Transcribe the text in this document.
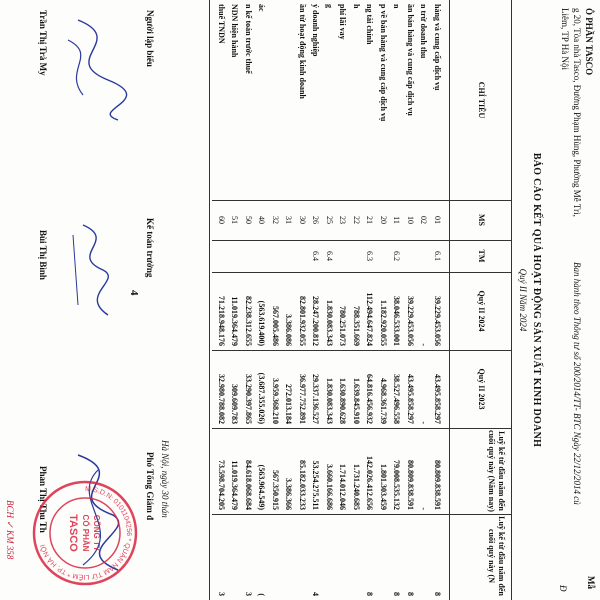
Ô PHẦN TASCO
g 20, Tòa nhà Tasco, Đường Phạm Hùng, Phường Mễ Trì,
Liêm, TP Hà Nội
Ban hành theo Thông tư số 200/2014/TT- BTC Ngày 22/12/2014 củ
Mẫ
Đ
BÁO CÁO KẾT QUẢ HOẠT ĐỘNG SẢN XUẤT KINH DOANH
Quý II Năm 2024
CHỈ TIÊU
MS
TM
Quý II 2024
Quý II 2023
Luỹ kế từ đầu năm đến cuối quý này (Năm nay)
Luỹ kế từ đầu năm đến cuối quý này (N
hàng và cung cấp dịch vụ
01
6.1
39.229.453.056
43.495.858.297
80.809.838.591
8
n trừ doanh thu
02
-
-
-
ần bán hàng và cung cấp dịch vụ
10
39.229.453.056
43.495.858.297
80.809.838.591
8
n
11
6.2
38.046.533.001
38.527.496.558
79.008.535.132
8
p về bán hàng và cung cấp dịch vụ
20
1.182.920.055
4.968.361.739
1.801.303.459
ng tài chính
21
6.3
112.494.647.824
64.816.456.932
142.026.412.656
8
h
22
788.351.669
1.639.845.910
1.731.240.685
phí lãi vay
23
780.251.073
1.630.890.628
1.714.012.046
g
25
6.4
1.830.083.343
1.830.083.343
3.660.166.686
ý doanh nghiệp
26
6.4
28.247.200.812
29.337.136.527
53.254.275.511
4
ần từ hoạt động kinh doanh
30
82.801.932.055
36.977.752.891
85.182.033.233
31
3.386.086
272.013.184
3.386.366
32
567.005.486
3.959.368.210
567.350.915
ác
40
(563.619.400)
(3.687.355.026)
(563.964.549)
(
n kế toán trước thuế
50
82.238.312.655
33.290.397.865
84.618.068.684
3
NDN hiện hành
51
11.019.364.479
309.609.783
11.019.364.479
thuế TNDN
60
71.218.948.176
32.980.788.082
73.598.704.205
3
Người lập biểu
Trần Thị Trà My
Kế toán trưởng
Bùi Thị Bình
Hà Nội, ngày 30 thán
Phó Tổng Giám đ
Phan Thị Thu Th
4
M.S.D.N: 0101104256 * QUẬN NAM TỪ LIÊM * TP. HÀ NỘI	CÔNG TY
CỔ PHẦN
TASCO
BCH ✓ KM 358
